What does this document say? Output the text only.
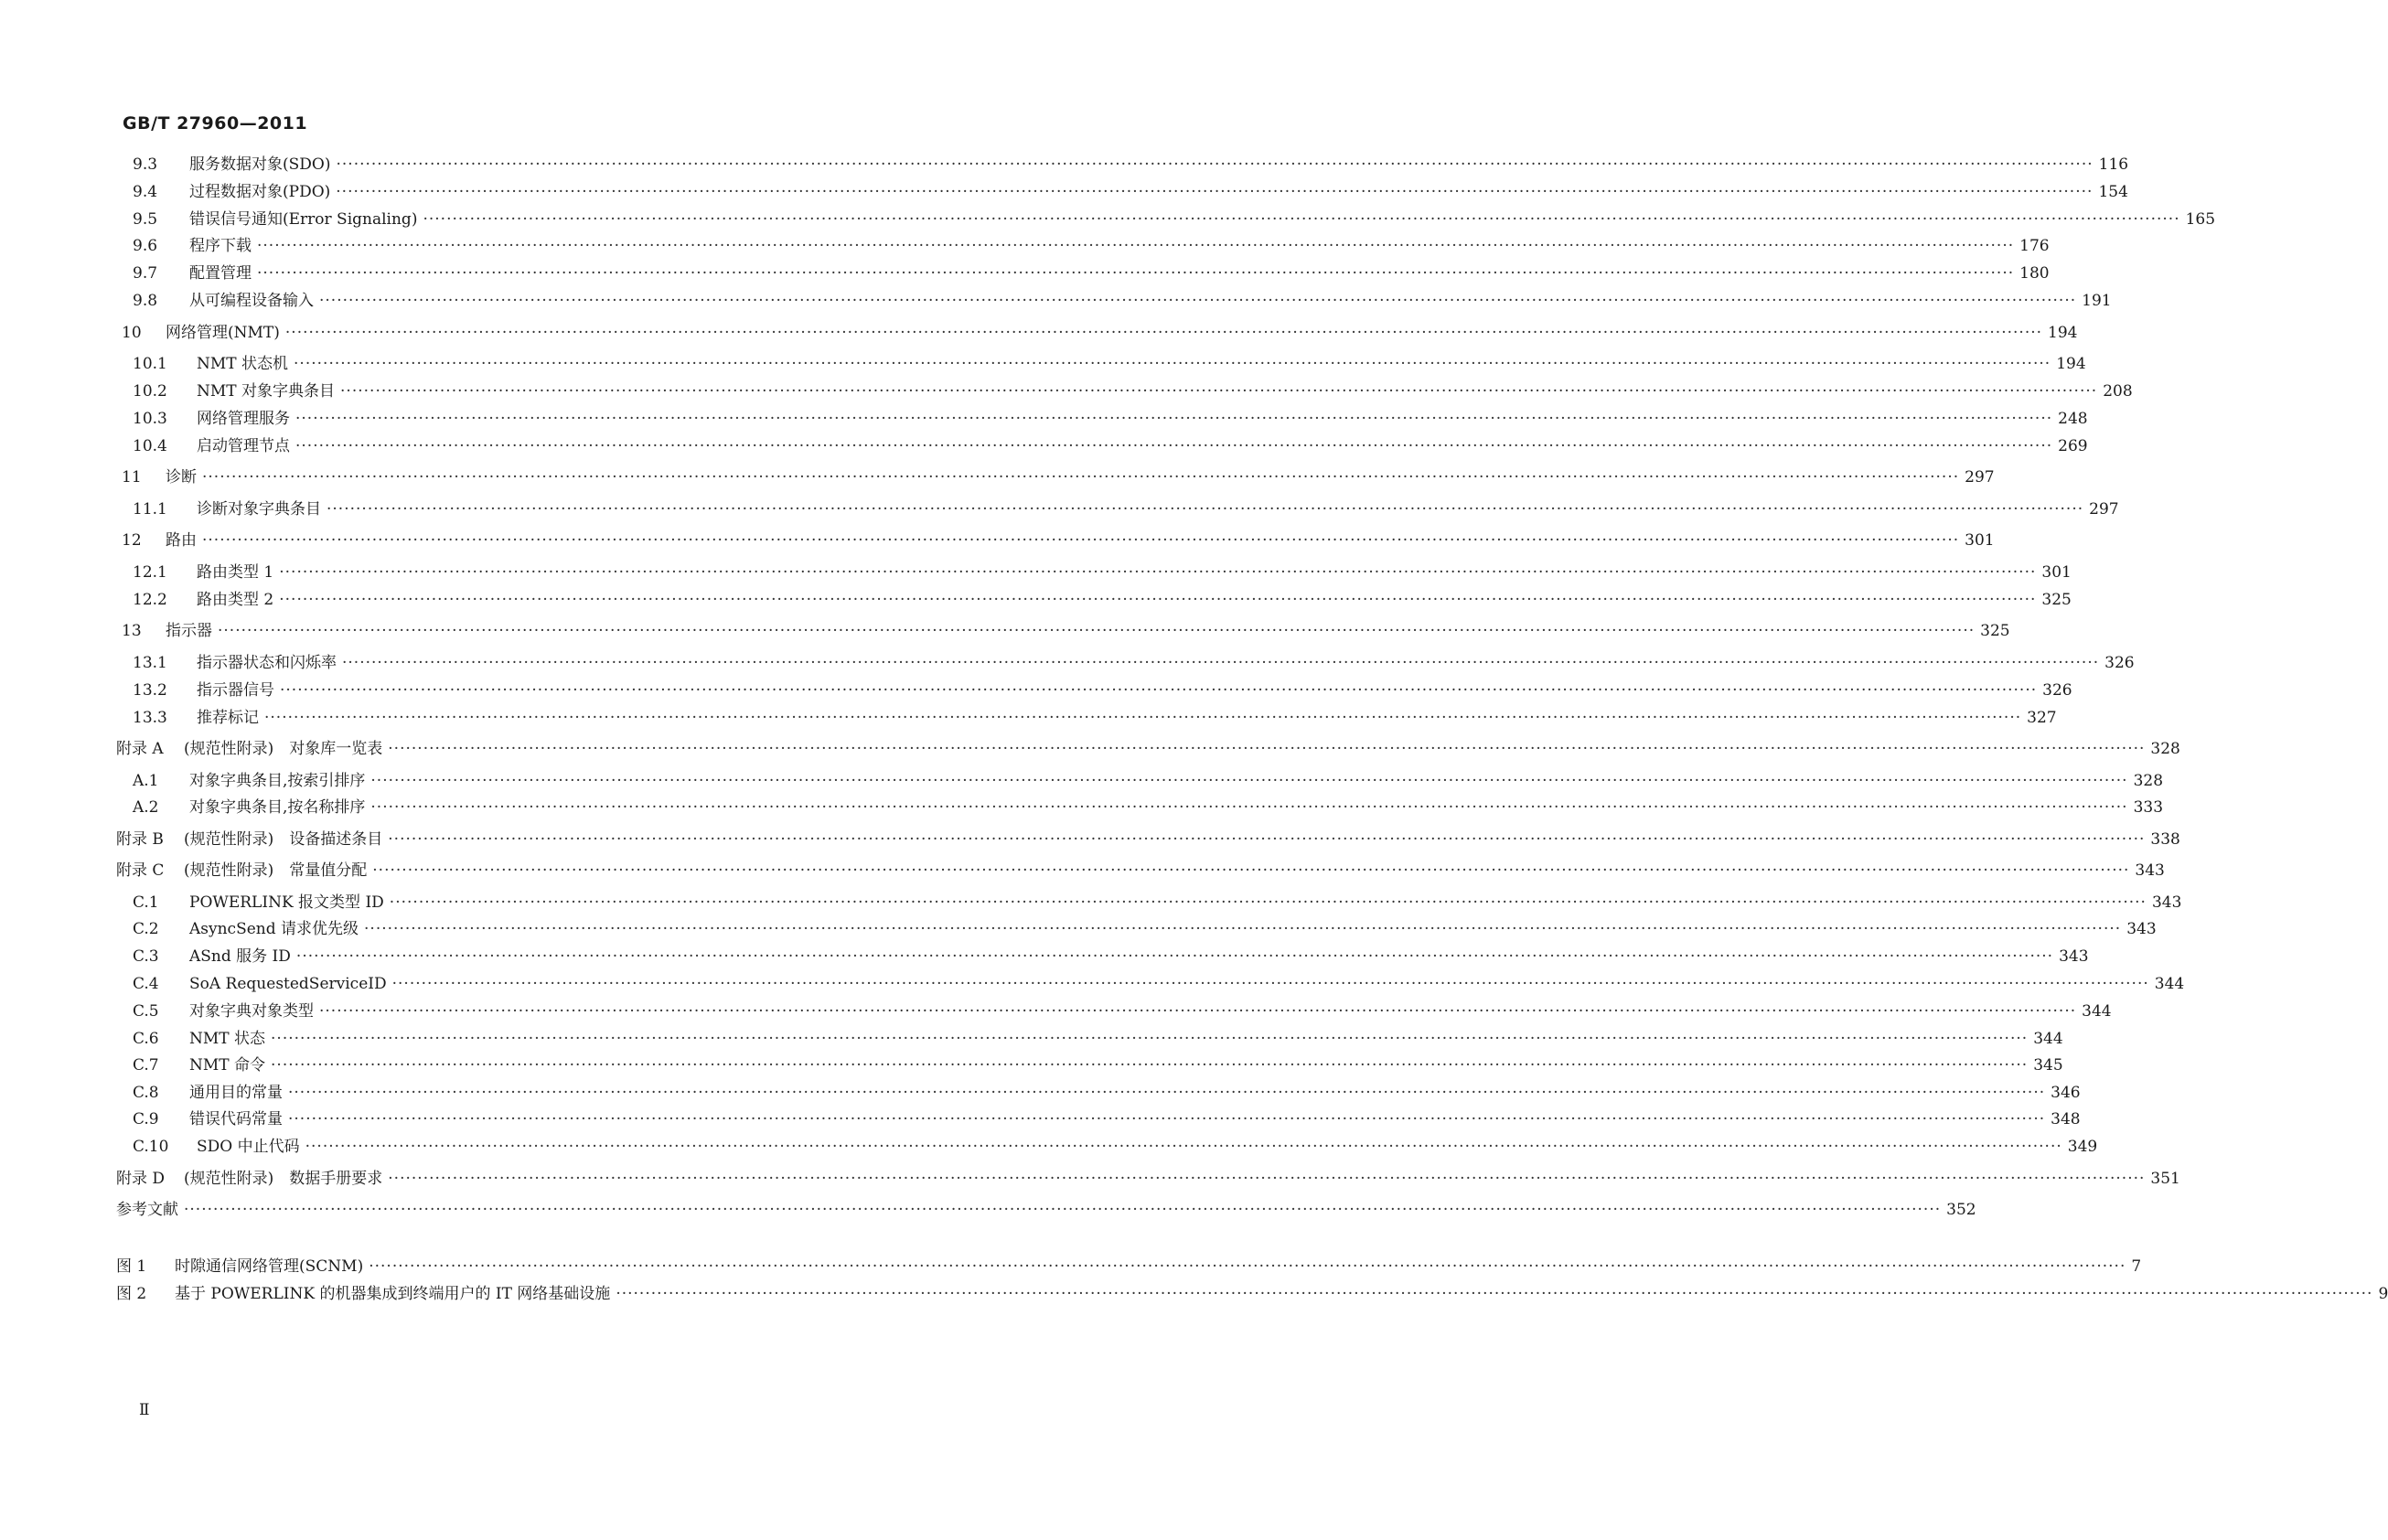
GB/T 27960—2011
9.3	服务数据对象(SDO) ············································································································································································································································································································ 116
9.4	过程数据对象(PDO) ············································································································································································································································································································ 154
9.5	错误信号通知(Error Signaling) ············································································································································································································································································································ 165
9.6	程序下载 ············································································································································································································································································································ 176
9.7	配置管理 ············································································································································································································································································································ 180
9.8	从可编程设备输入 ············································································································································································································································································································ 191
10	网络管理(NMT) ············································································································································································································································································································ 194
10.1	NMT 状态机 ············································································································································································································································································································ 194
10.2	NMT 对象字典条目 ············································································································································································································································································································ 208
10.3	网络管理服务 ············································································································································································································································································································ 248
10.4	启动管理节点 ············································································································································································································································································································ 269
11	诊断 ············································································································································································································································································································ 297
11.1	诊断对象字典条目 ············································································································································································································································································································ 297
12	路由 ············································································································································································································································································································ 301
12.1	路由类型 1 ············································································································································································································································································································ 301
12.2	路由类型 2 ············································································································································································································································································································ 325
13	指示器 ············································································································································································································································································································ 325
13.1	指示器状态和闪烁率 ············································································································································································································································································································ 326
13.2	指示器信号 ············································································································································································································································································································ 326
13.3	推荐标记 ············································································································································································································································································································ 327
附录 A	(规范性附录)　对象库一览表 ············································································································································································································································································································ 328
A.1	对象字典条目,按索引排序 ············································································································································································································································································································ 328
A.2	对象字典条目,按名称排序 ············································································································································································································································································································ 333
附录 B	(规范性附录)　设备描述条目 ············································································································································································································································································································ 338
附录 C	(规范性附录)　常量值分配 ············································································································································································································································································································ 343
C.1	POWERLINK 报文类型 ID ············································································································································································································································································································ 343
C.2	AsyncSend 请求优先级 ············································································································································································································································································································ 343
C.3	ASnd 服务 ID ············································································································································································································································································································ 343
C.4	SoA RequestedServiceID ············································································································································································································································································································ 344
C.5	对象字典对象类型 ············································································································································································································································································································ 344
C.6	NMT 状态 ············································································································································································································································································································ 344
C.7	NMT 命令 ············································································································································································································································································································ 345
C.8	通用目的常量 ············································································································································································································································································································ 346
C.9	错误代码常量 ············································································································································································································································································································ 348
C.10	SDO 中止代码 ············································································································································································································································································································ 349
附录 D	(规范性附录)　数据手册要求 ············································································································································································································································································································ 351
参考文献 ············································································································································································································································································································ 352
图 1	时隙通信网络管理(SCNM) ············································································································································································································································································································ 7
图 2	基于 POWERLINK 的机器集成到终端用户的 IT 网络基础设施 ············································································································································································································································································································ 9
Ⅱ
